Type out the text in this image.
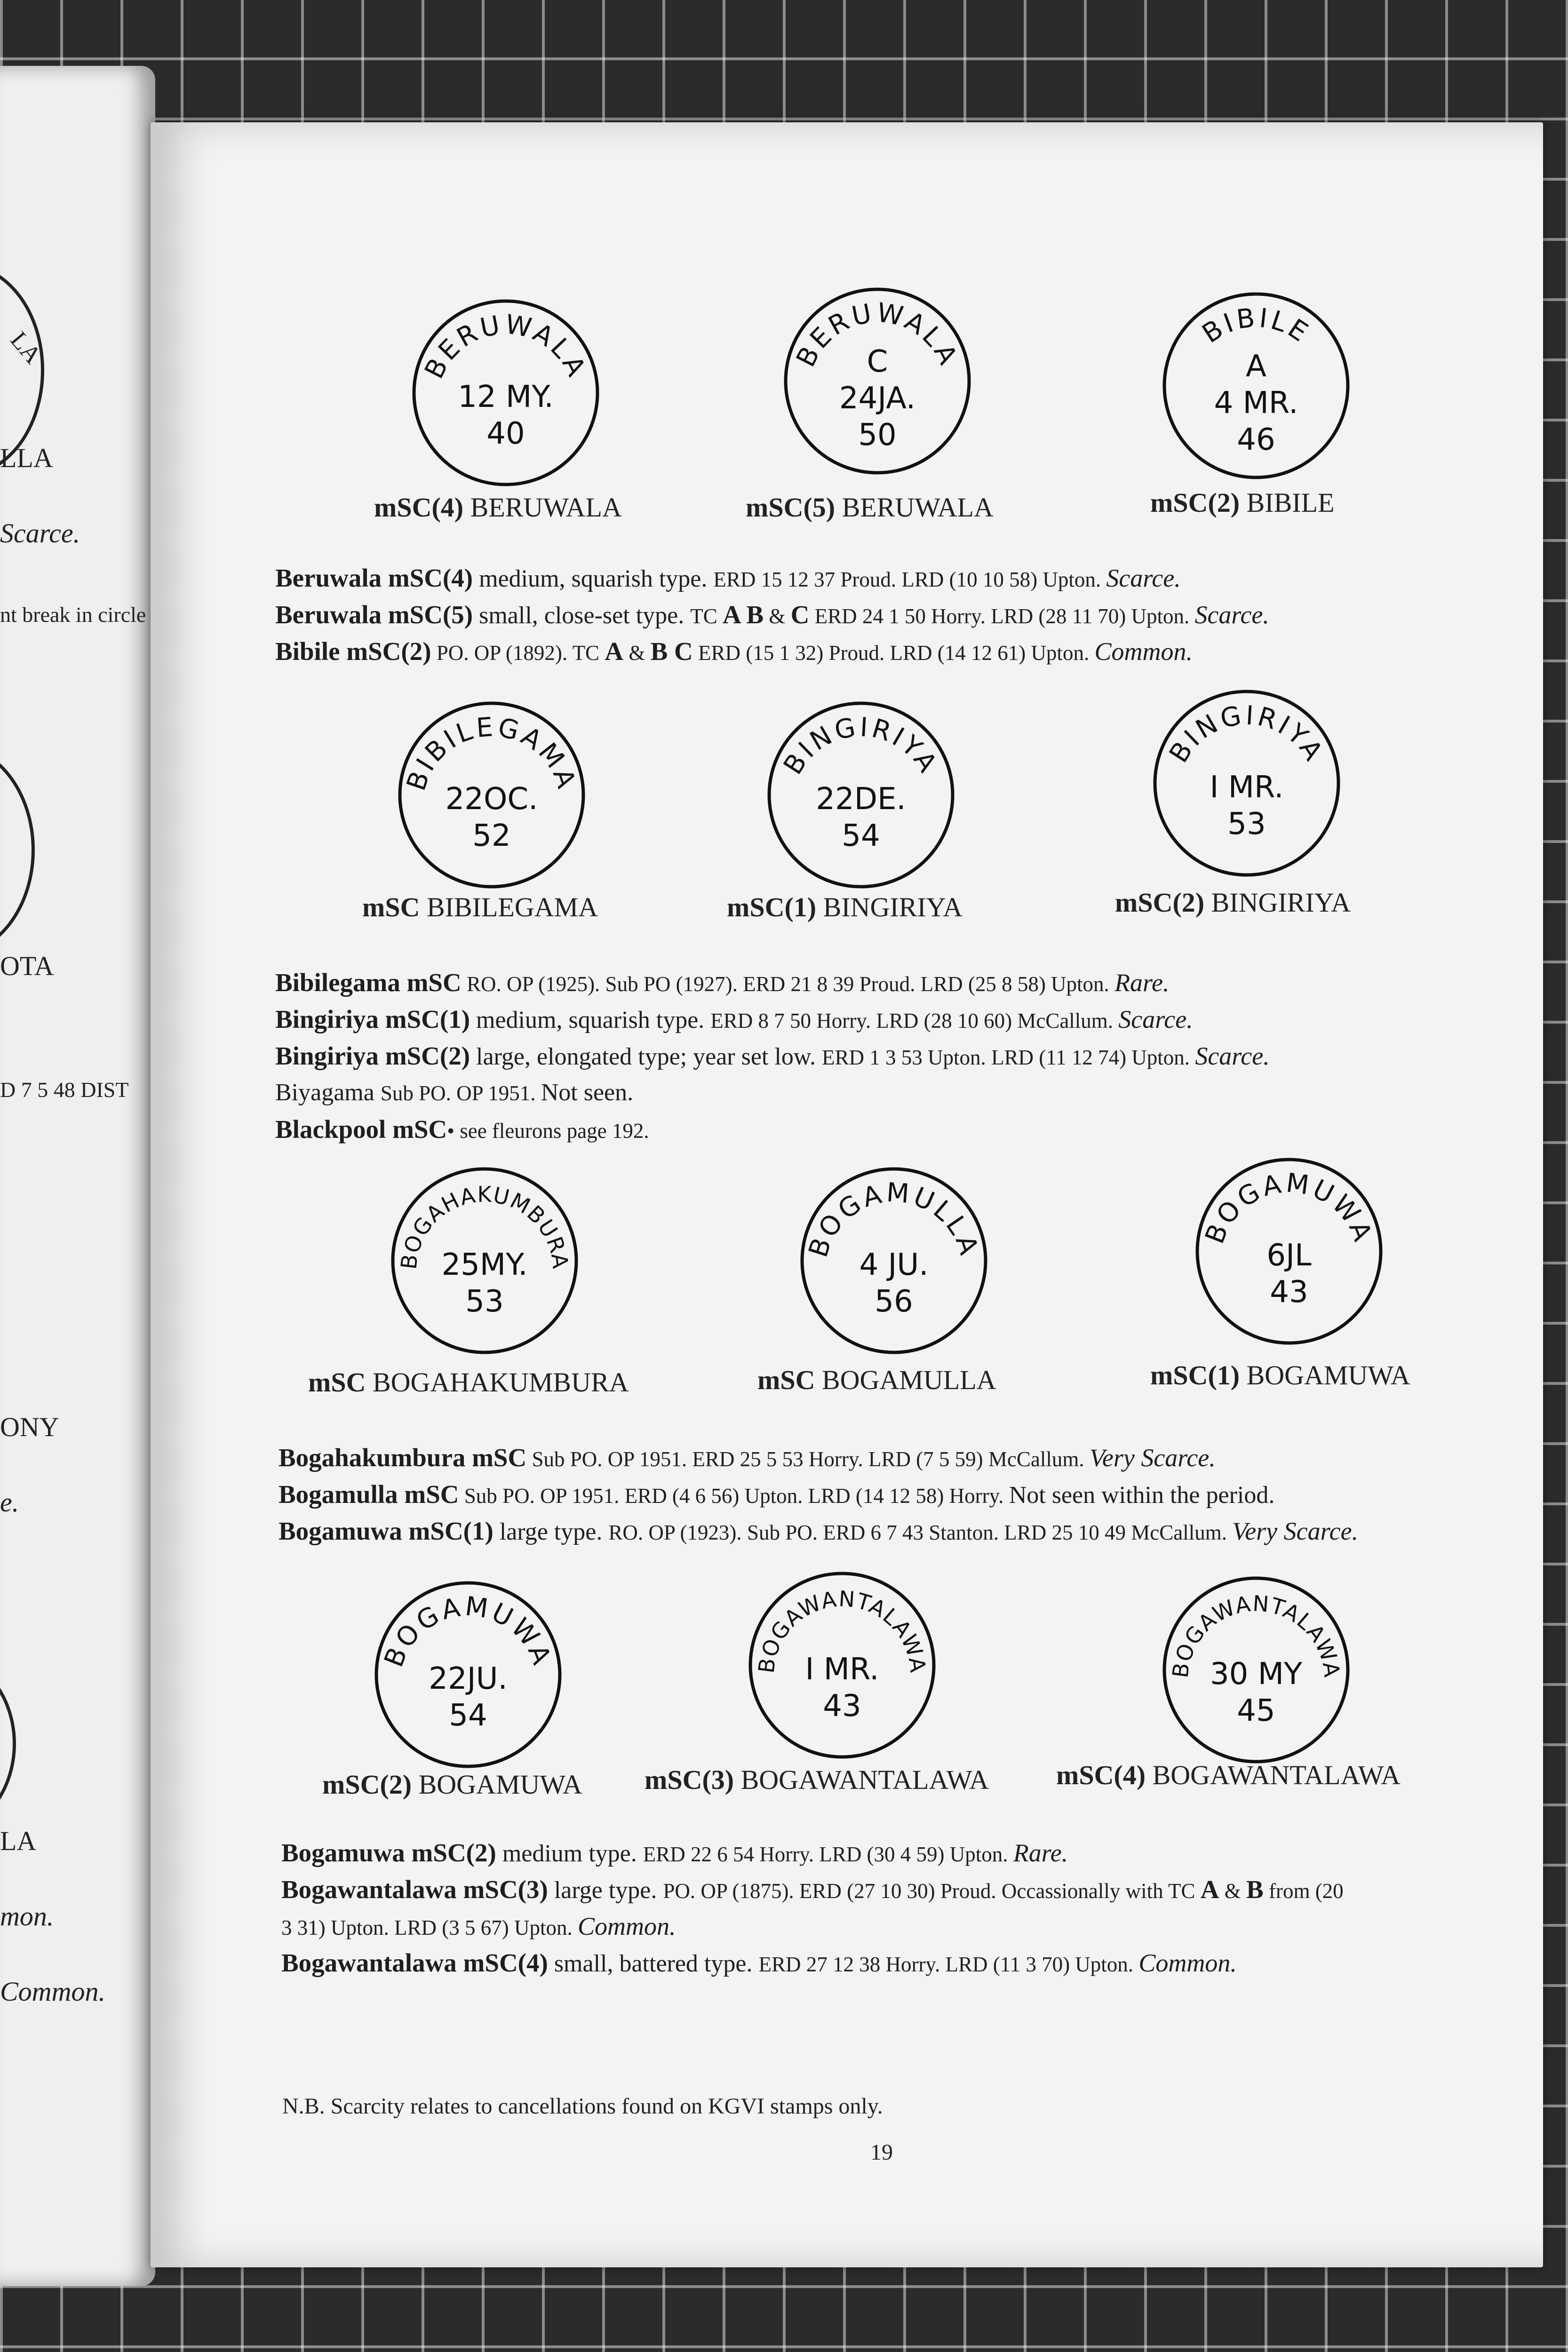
LA
LLA
Scarce.
nt break in circle
OTA
D 7 5 48 DIST
ONY
e.
LA
mon.
Common.
BERUWALA
12 MY.
40
BERUWALA
C
24JA.
50
BIBILE
A
4 MR.
46
BIBILEGAMA
22OC.
52
BINGIRIYA
22DE.
54
BINGIRIYA
I MR.
53
BOGAHAKUMBURA
25MY.
53
BOGAMULLA
4 JU.
56
BOGAMUWA
6JL
43
BOGAMUWA
22JU.
54
BOGAWANTALAWA
I MR.
43
BOGAWANTALAWA
30 MY
45
mSC(4) BERUWALA	mSC(5) BERUWALA	mSC(2) BIBILE
mSC BIBILEGAMA	mSC(1) BINGIRIYA	mSC(2) BINGIRIYA
mSC BOGAHAKUMBURA	mSC BOGAMULLA	mSC(1) BOGAMUWA
mSC(2) BOGAMUWA mSC(3) BOGAWANTALAWA mSC(4) BOGAWANTALAWA
Beruwala mSC(4) medium, squarish type. ERD 15 12 37 Proud. LRD (10 10 58) Upton. Scarce.
Beruwala mSC(5) small, close-set type. TC A B & C ERD 24 1 50 Horry. LRD (28 11 70) Upton. Scarce.
Bibile mSC(2) PO. OP (1892). TC A & B C ERD (15 1 32) Proud. LRD (14 12 61) Upton. Common.
Bibilegama mSC RO. OP (1925). Sub PO (1927). ERD 21 8 39 Proud. LRD (25 8 58) Upton. Rare.
Bingiriya mSC(1) medium, squarish type. ERD 8 7 50 Horry. LRD (28 10 60) McCallum. Scarce.
Bingiriya mSC(2) large, elongated type; year set low. ERD 1 3 53 Upton. LRD (11 12 74) Upton. Scarce.
Biyagama Sub PO. OP 1951. Not seen.
Blackpool mSC• see fleurons page 192.
Bogahakumbura mSC Sub PO. OP 1951. ERD 25 5 53 Horry. LRD (7 5 59) McCallum. Very Scarce.
Bogamulla mSC Sub PO. OP 1951. ERD (4 6 56) Upton. LRD (14 12 58) Horry. Not seen within the period.
Bogamuwa mSC(1) large type. RO. OP (1923). Sub PO. ERD 6 7 43 Stanton. LRD 25 10 49 McCallum. Very Scarce.
Bogamuwa mSC(2) medium type. ERD 22 6 54 Horry. LRD (30 4 59) Upton. Rare.
Bogawantalawa mSC(3) large type. PO. OP (1875). ERD (27 10 30) Proud. Occassionally with TC A & B from (20
3 31) Upton. LRD (3 5 67) Upton. Common.
Bogawantalawa mSC(4) small, battered type. ERD 27 12 38 Horry. LRD (11 3 70) Upton. Common.
N.B. Scarcity relates to cancellations found on KGVI stamps only.
19
